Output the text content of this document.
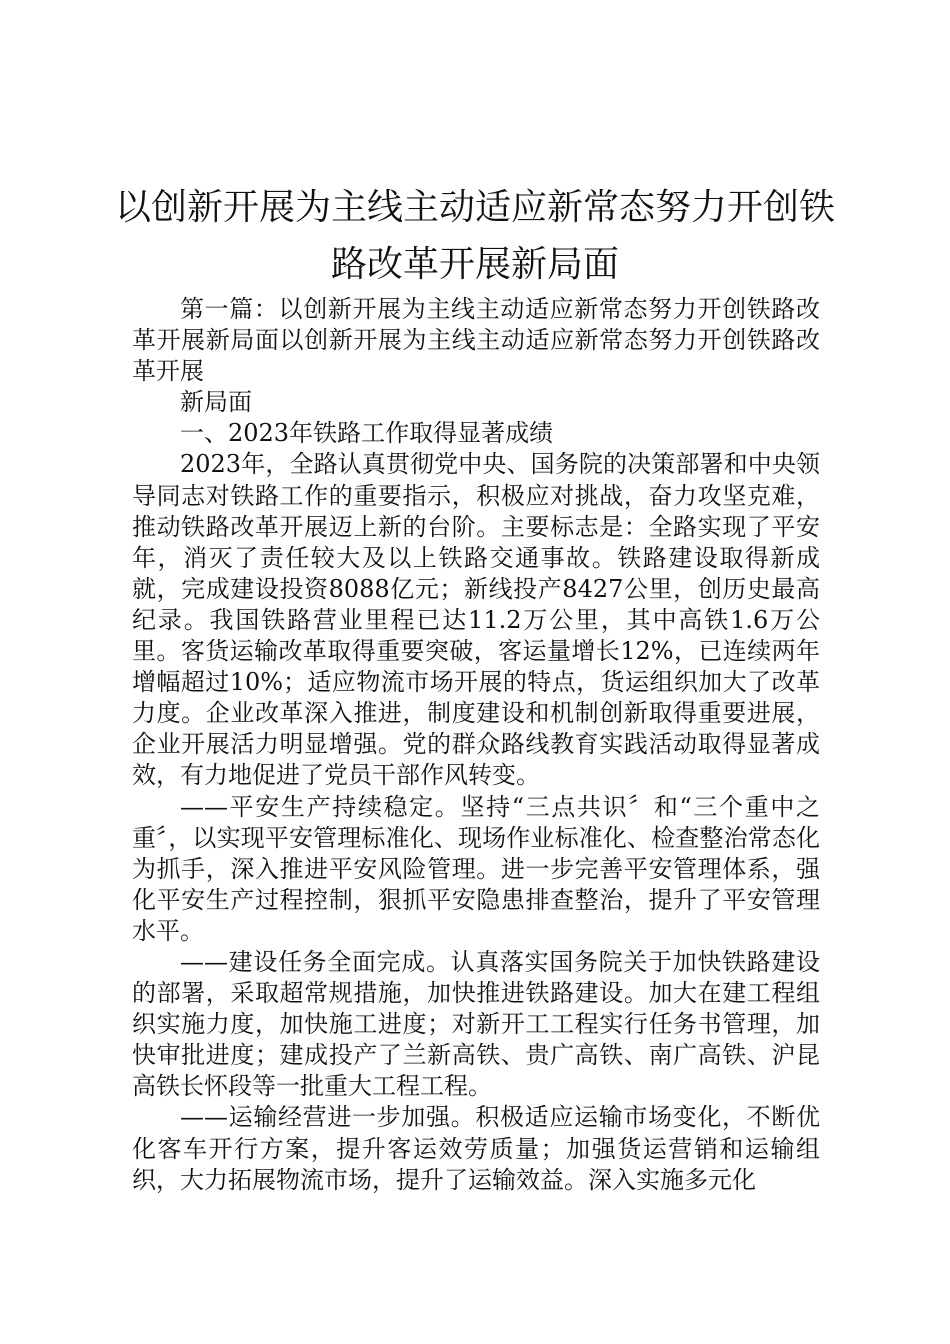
以创新开展为主线主动适应新常态努力开创铁
路改革开展新局面

第一篇：以创新开展为主线主动适应新常态努力开创铁路改革开展新局面以创新开展为主线主动适应新常态努力开创铁路改革开展

新局面

一、2023年铁路工作取得显著成绩

2023年，全路认真贯彻党中央、国务院的决策部署和中央领导同志对铁路工作的重要指示，积极应对挑战，奋力攻坚克难，推动铁路改革开展迈上新的台阶。主要标志是：全路实现了平安年，消灭了责任较大及以上铁路交通事故。铁路建设取得新成就，完成建设投资8088亿元；新线投产8427公里，创历史最高纪录。我国铁路营业里程已达11.2万公里，其中高铁1.6万公里。客货运输改革取得重要突破，客运量增长12%，已连续两年增幅超过10%；适应物流市场开展的特点，货运组织加大了改革力度。企业改革深入推进，制度建设和机制创新取得重要进展，企业开展活力明显增强。党的群众路线教育实践活动取得显著成效，有力地促进了党员干部作风转变。

——平安生产持续稳定。坚持“三点共识〞和“三个重中之重〞，以实现平安管理标准化、现场作业标准化、检查整治常态化为抓手，深入推进平安风险管理。进一步完善平安管理体系，强化平安生产过程控制，狠抓平安隐患排查整治，提升了平安管理水平。

——建设任务全面完成。认真落实国务院关于加快铁路建设的部署，采取超常规措施，加快推进铁路建设。加大在建工程组织实施力度，加快施工进度；对新开工工程实行任务书管理，加快审批进度；建成投产了兰新高铁、贵广高铁、南广高铁、沪昆高铁长怀段等一批重大工程工程。

——运输经营进一步加强。积极适应运输市场变化，不断优化客车开行方案，提升客运效劳质量；加强货运营销和运输组织，大力拓展物流市场，提升了运输效益。深入实施多元化
